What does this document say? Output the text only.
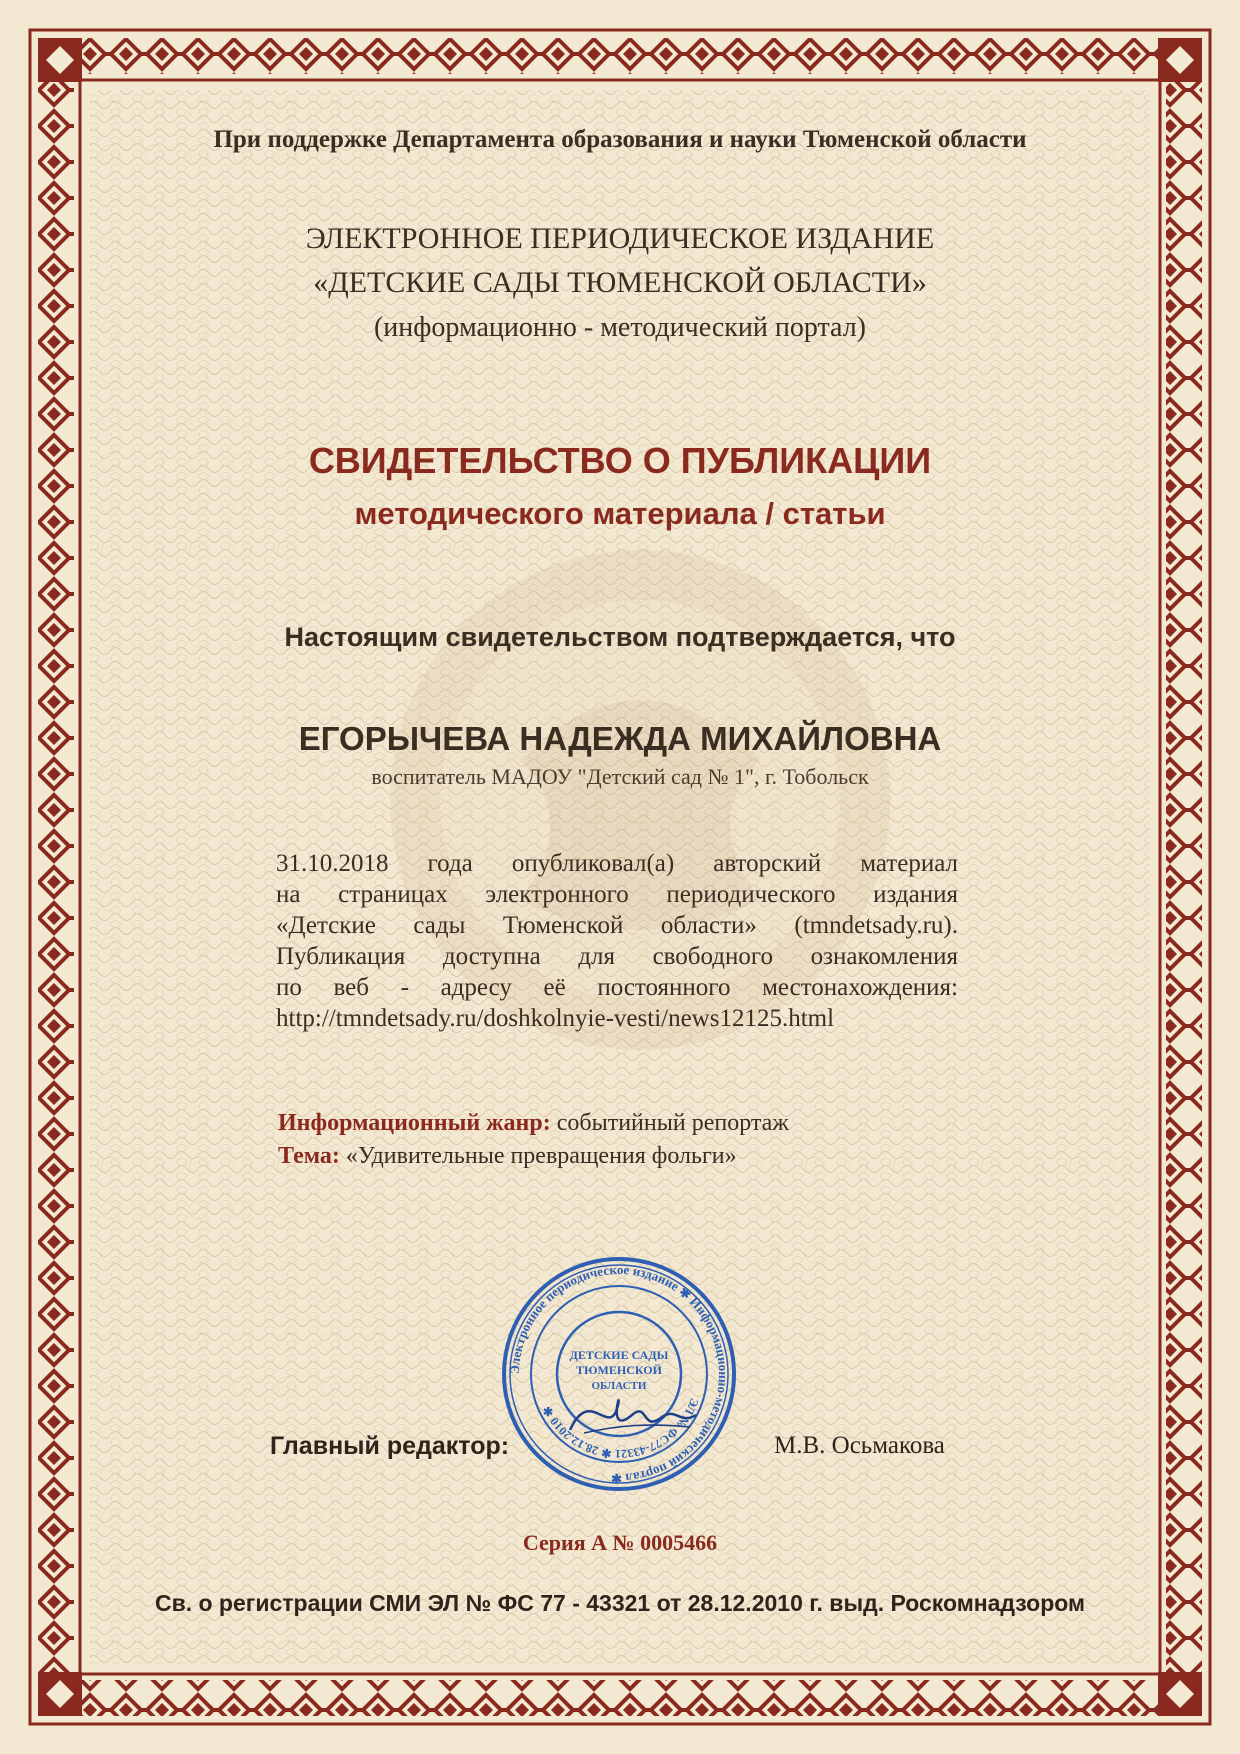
При поддержке Департамента образования и науки Тюменской области
ЭЛЕКТРОННОЕ ПЕРИОДИЧЕСКОЕ ИЗДАНИЕ
«ДЕТСКИЕ САДЫ ТЮМЕНСКОЙ ОБЛАСТИ»
(информационно - методический портал)
СВИДЕТЕЛЬСТВО О ПУБЛИКАЦИИ
методического материала / статьи
Настоящим свидетельством подтверждается, что
ЕГОРЫЧЕВА НАДЕЖДА МИХАЙЛОВНА
воспитатель МАДОУ "Детский сад № 1", г. Тобольск
31.10.2018 года опубликовал(а) авторский материал
на страницах электронного периодического издания
«Детские сады Тюменской области» (tmndetsady.ru).
Публикация доступна для свободного ознакомления
по веб - адресу её постоянного местонахождения:
http://tmndetsady.ru/doshkolnyie-vesti/news12125.html
Информационный жанр: событийный репортаж
Тема: «Удивительные превращения фольги»
Главный редактор:	М.В. Осьмакова
Электронное периодическое издание ✱ Информационно-методический портал ✱
ЭЛ № ФС77-43321 ✱ 28.12.2010 ✱
ДЕТСКИЕ САДЫ
ТЮМЕНСКОЙ
ОБЛАСТИ
Серия А № 0005466
Св. о регистрации СМИ ЭЛ № ФС 77 - 43321 от 28.12.2010 г. выд. Роскомнадзором
